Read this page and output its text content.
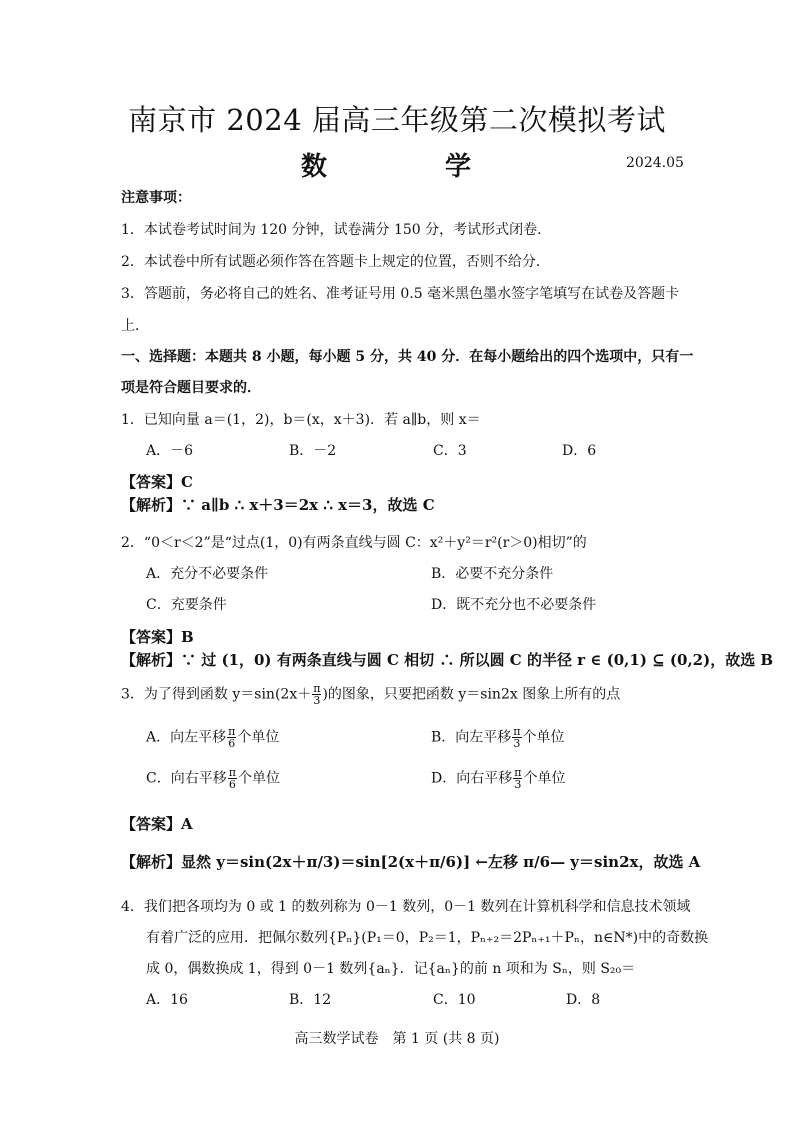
南京市 2024 届高三年级第二次模拟考试
数　　学	2024.05
注意事项：
1．本试卷考试时间为 120 分钟，试卷满分 150 分，考试形式闭卷．
2．本试卷中所有试题必须作答在答题卡上规定的位置，否则不给分．
3．答题前，务必将自己的姓名、准考证号用 0.5 毫米黑色墨水签字笔填写在试卷及答题卡
上．
一、选择题：本题共 8 小题，每小题 5 分，共 40 分．在每小题给出的四个选项中，只有一
项是符合题目要求的．
1．已知向量 a＝(1，2)，b＝(x，x＋3)．若 a∥b，则 x＝
A．－6	B．－2	C．3	D．6
【答案】C
【解析】∵ a∥b ∴ x＋3＝2x ∴ x＝3，故选 C
2．“0＜r＜2”是“过点(1，0)有两条直线与圆 C：x²＋y²＝r²(r＞0)相切”的
A．充分不必要条件	B．必要不充分条件
C．充要条件	D．既不充分也不必要条件
【答案】B
【解析】∵ 过 (1，0) 有两条直线与圆 C 相切 ∴ 所以圆 C 的半径 r ∈ (0,1) ⊆ (0,2)，故选 B
3．为了得到函数 $y=\sin(2x+ \frac{\pi}{3}$ )的图象，只要把函数 y＝sin2x 图象上所有的点
A．向左平移 $\frac{\pi}{6}$ 个单位	B．向左平移 $\frac{\pi}{3}$ 个单位
C．向右平移 $\frac{\pi}{6}$ 个单位	D．向右平移 $\frac{\pi}{3}$ 个单位
【答案】A
【解析】显然 y＝sin(2x＋π/3)＝sin[2(x＋π/6)] ←左移 π/6— y＝sin2x，故选 A
4．我们把各项均为 0 或 1 的数列称为 0－1 数列，0－1 数列在计算机科学和信息技术领域
有着广泛的应用．把佩尔数列{Pₙ}(P₁＝0，P₂＝1，Pₙ₊₂＝2Pₙ₊₁＋Pₙ，n∈N*)中的奇数换
成 0，偶数换成 1，得到 0－1 数列{aₙ}．记{aₙ}的前 n 项和为 Sₙ，则 S₂₀＝
A．16	B．12	C．10	D．8
高三数学试卷　第 1 页 (共 8 页)
